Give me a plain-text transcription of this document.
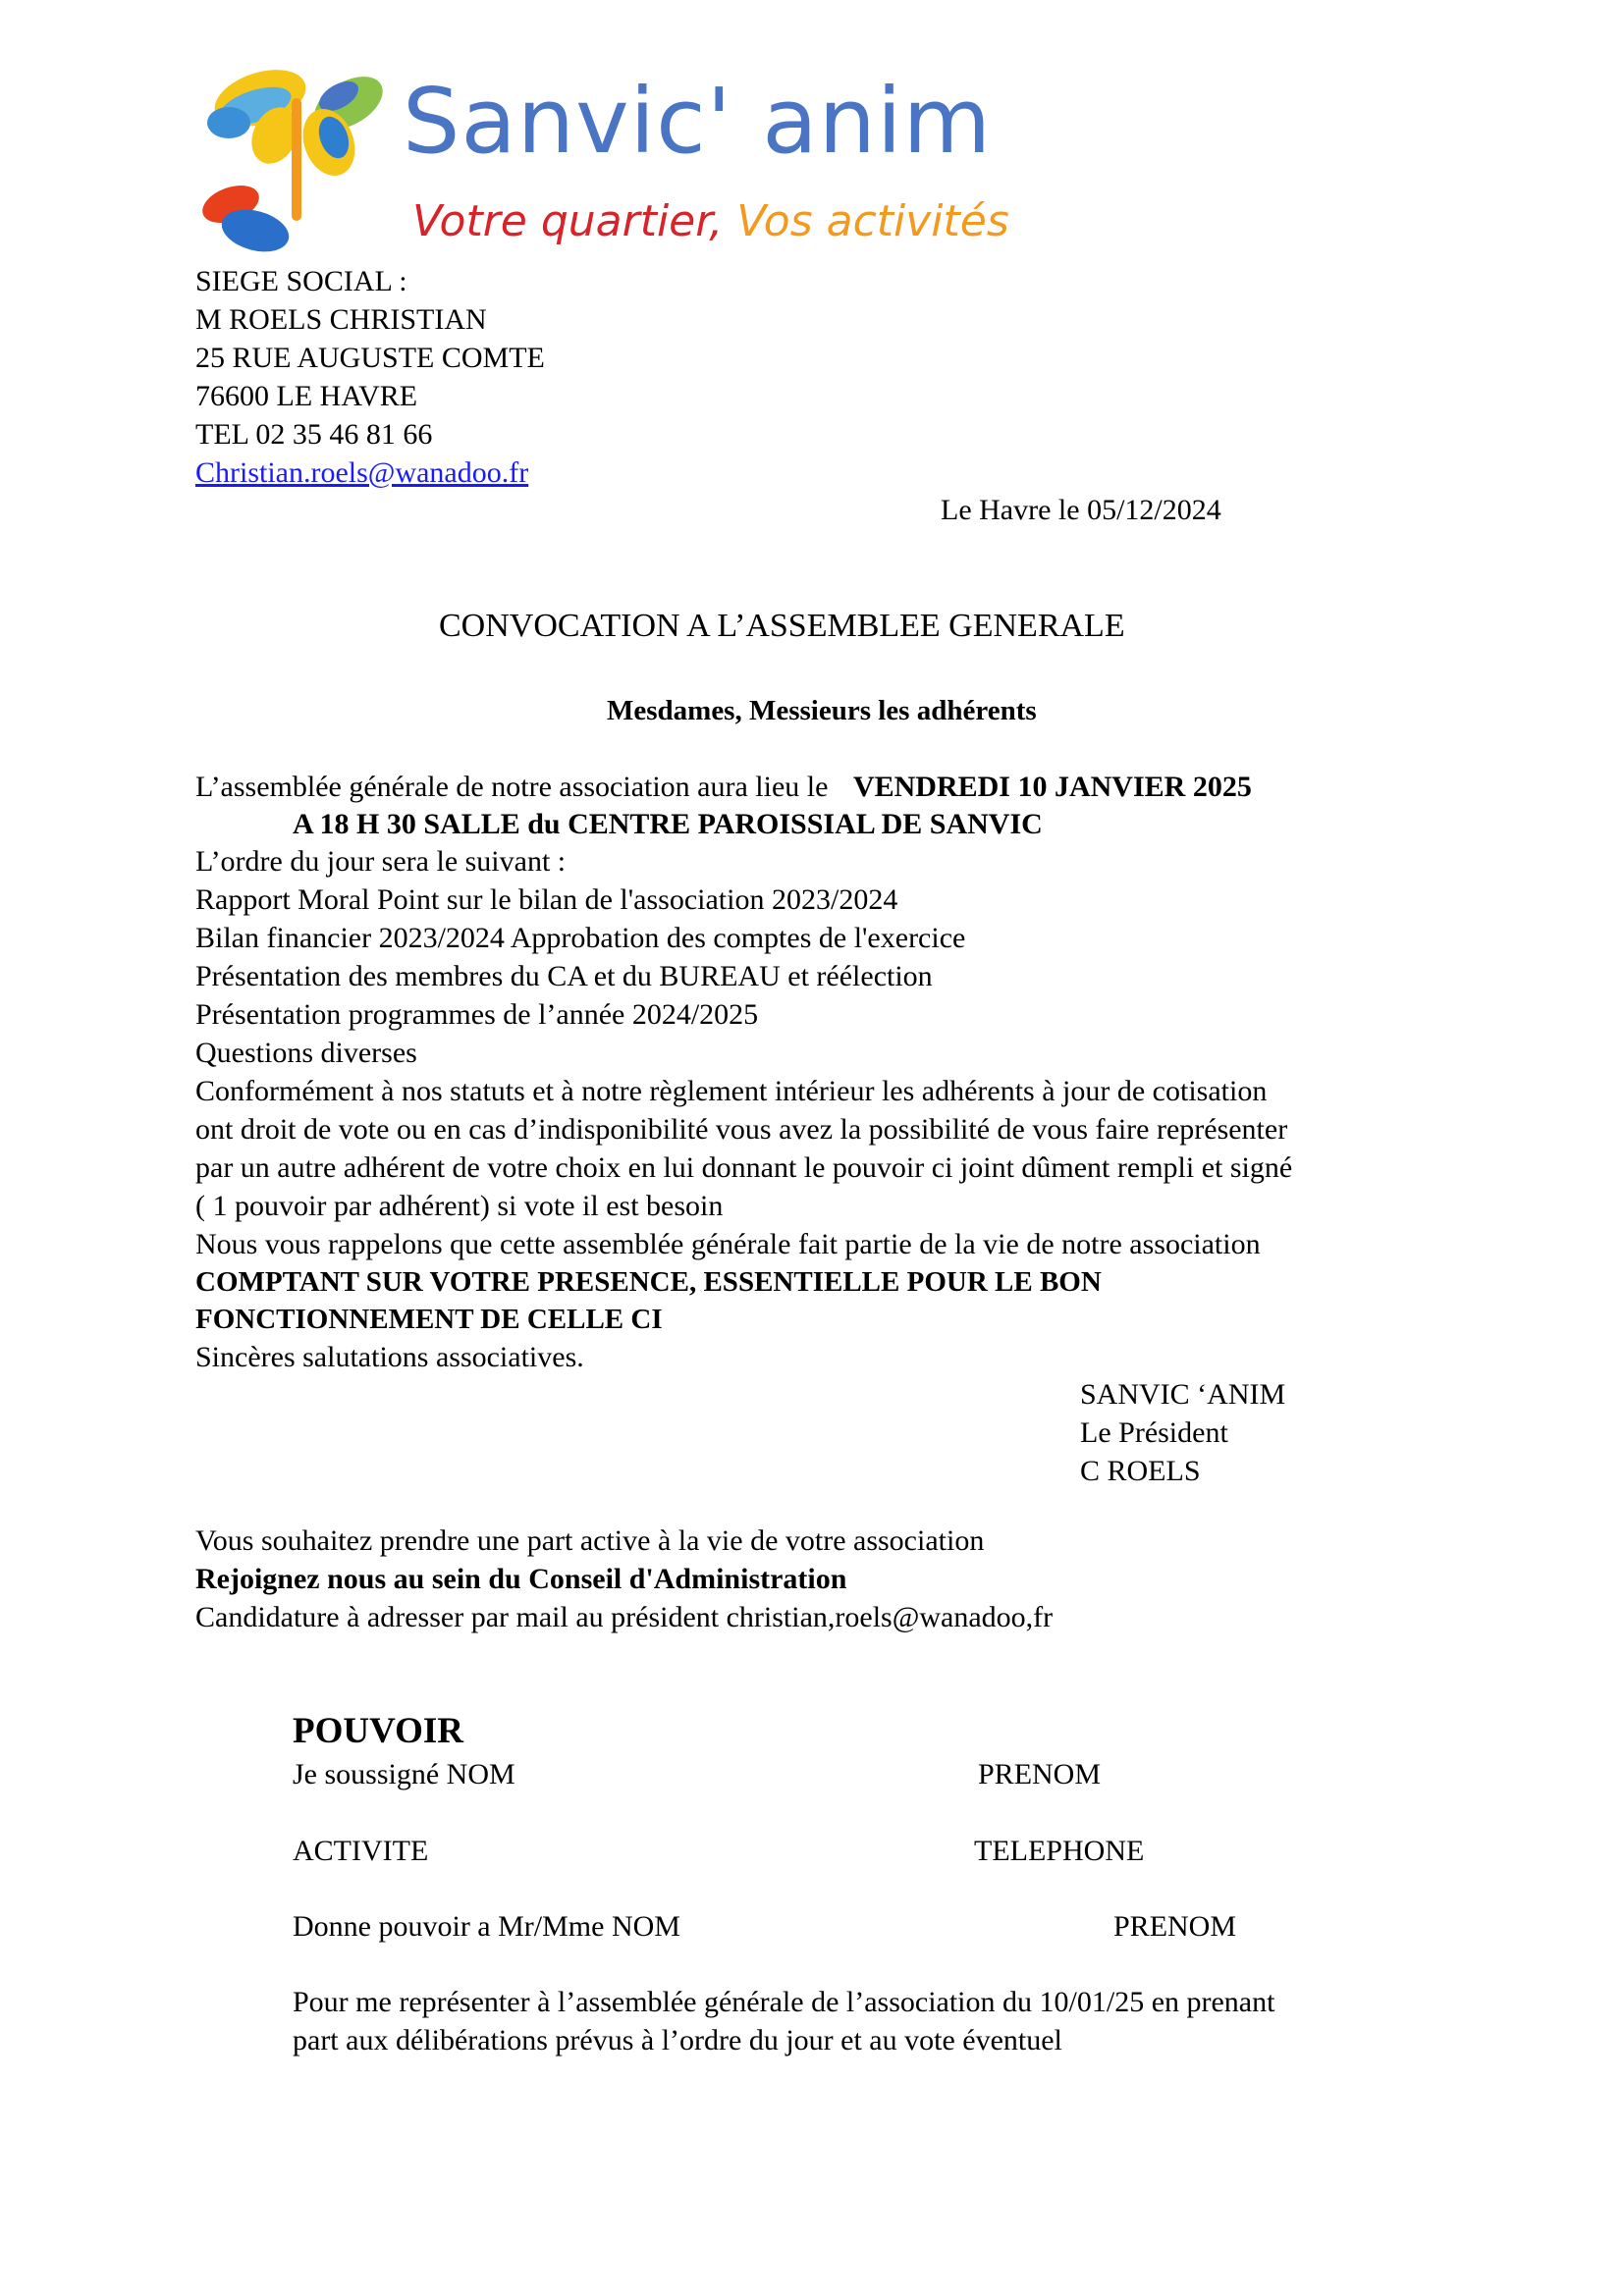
Sanvic' anim
Votre quartier, Vos activités
SIEGE SOCIAL :
M ROELS CHRISTIAN
25 RUE AUGUSTE COMTE
76600 LE HAVRE
TEL 02 35 46 81 66
Christian.roels@wanadoo.fr
Le Havre le 05/12/2024
CONVOCATION A L’ASSEMBLEE GENERALE
Mesdames, Messieurs les adhérents
L’assemblée générale de notre association aura lieu le VENDREDI 10 JANVIER 2025
A 18 H 30 SALLE du CENTRE PAROISSIAL DE SANVIC
L’ordre du jour sera le suivant :
Rapport Moral Point sur le bilan de l'association 2023/2024
Bilan financier 2023/2024 Approbation des comptes de l'exercice
Présentation des membres du CA et du BUREAU et réélection
Présentation programmes de l’année 2024/2025
Questions diverses
Conformément à nos statuts et à notre règlement intérieur les adhérents à jour de cotisation
ont droit de vote ou en cas d’indisponibilité vous avez la possibilité de vous faire représenter
par un autre adhérent de votre choix en lui donnant le pouvoir ci joint dûment rempli et signé
( 1 pouvoir par adhérent) si vote il est besoin
Nous vous rappelons que cette assemblée générale fait partie de la vie de notre association
COMPTANT SUR VOTRE PRESENCE, ESSENTIELLE POUR LE BON
FONCTIONNEMENT DE CELLE CI
Sincères salutations associatives.
SANVIC ‘ANIM
Le Président
C ROELS
Vous souhaitez prendre une part active à la vie de votre association
Rejoignez nous au sein du Conseil d'Administration
Candidature à adresser par mail au président christian,roels@wanadoo,fr
POUVOIR
Je soussigné NOM	PRENOM
ACTIVITE	TELEPHONE
Donne pouvoir a Mr/Mme NOM	PRENOM
Pour me représenter à l’assemblée générale de l’association du 10/01/25 en prenant
part aux délibérations prévus à l’ordre du jour et au vote éventuel
